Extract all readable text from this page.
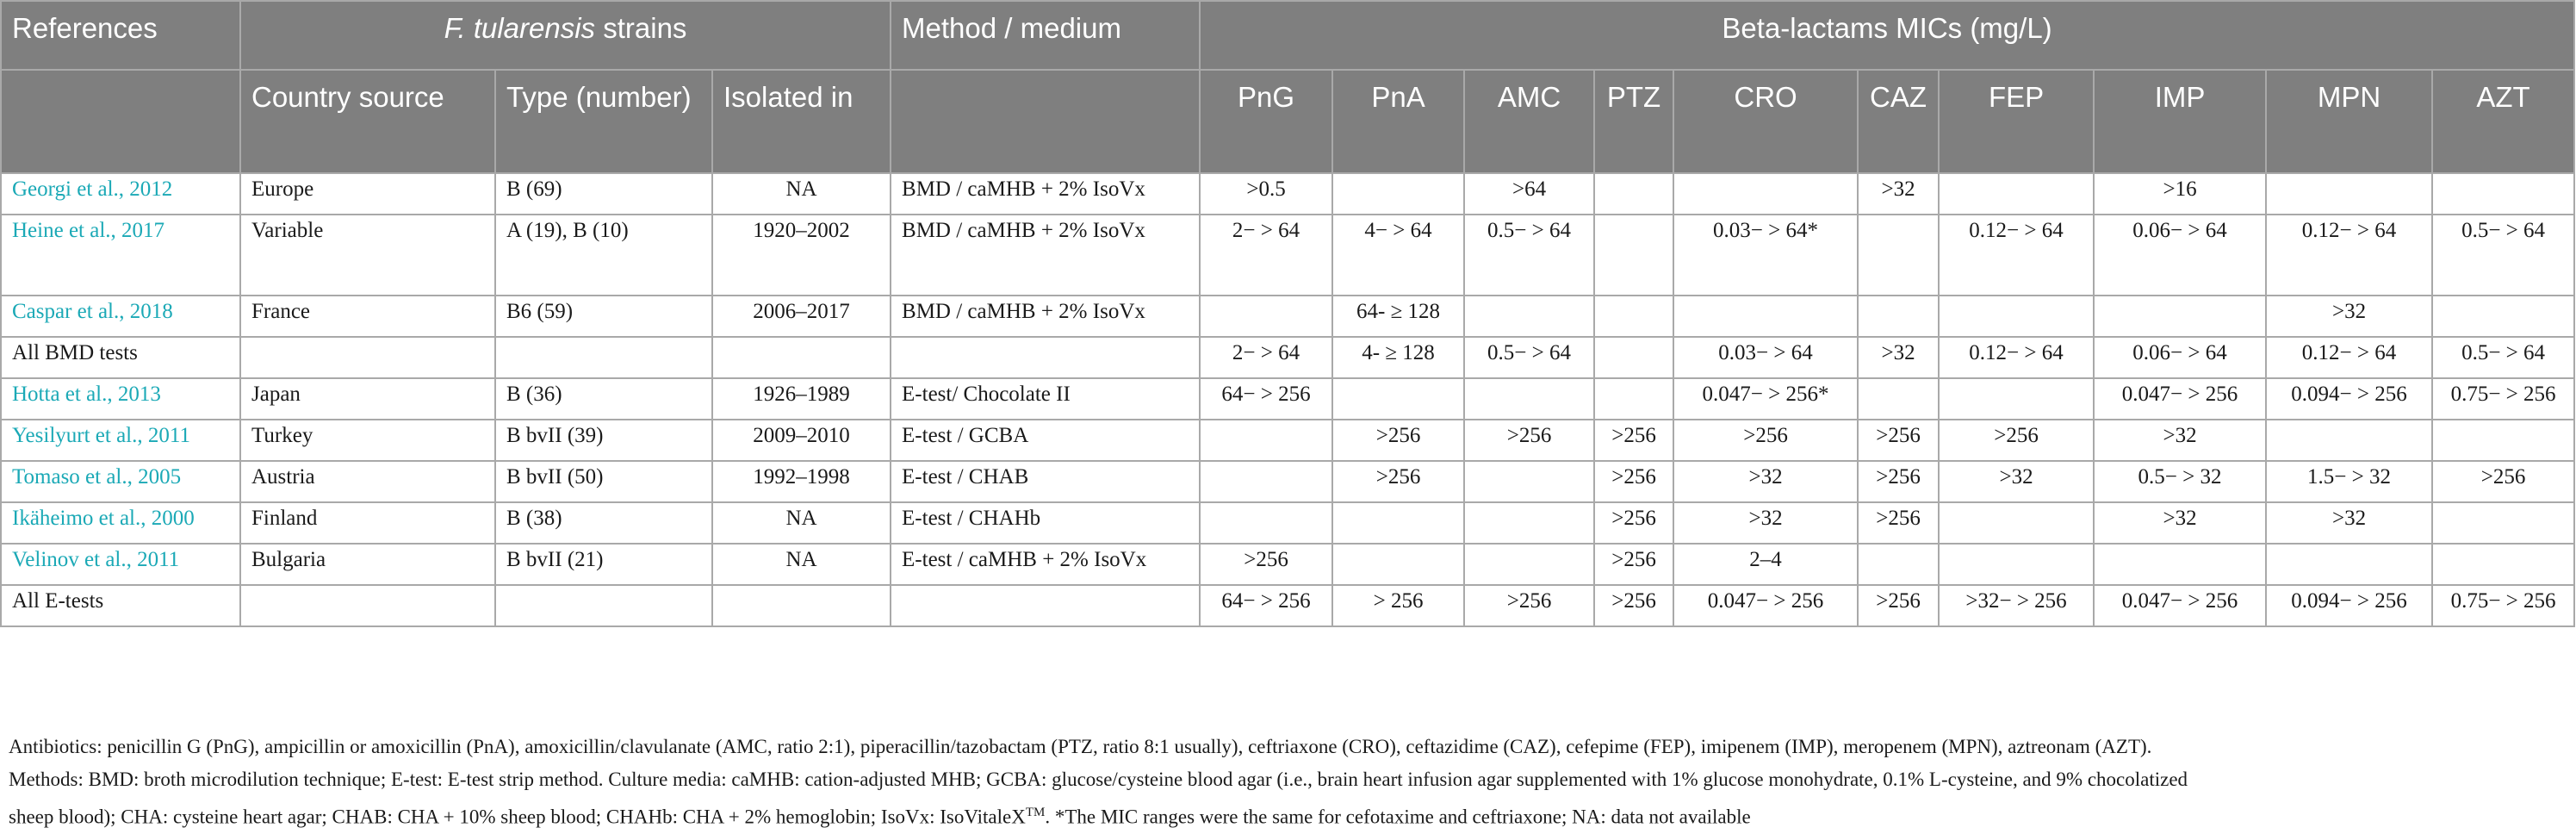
References	F. tularensis strains			Method / medium	Beta-lactams MICs (mg/L)									
	Country source	Type (number)	Isolated in		PnG	PnA	AMC	PTZ	CRO	CAZ	FEP	IMP	MPN	AZT
Georgi et al., 2012	Europe	B (69)	NA	BMD / caMHB + 2% IsoVx	>0.5		>64			>32		>16		
Heine et al., 2017	Variable	A (19), B (10)	1920–2002	BMD / caMHB + 2% IsoVx	2− > 64	4− > 64	0.5− > 64		0.03− > 64*		0.12− > 64	0.06− > 64	0.12− > 64	0.5− > 64
Caspar et al., 2018	France	B6 (59)	2006–2017	BMD / caMHB + 2% IsoVx		64- ≥ 128							>32	
All BMD tests					2− > 64	4- ≥ 128	0.5− > 64		0.03− > 64	>32	0.12− > 64	0.06− > 64	0.12− > 64	0.5− > 64
Hotta et al., 2013	Japan	B (36)	1926–1989	E-test/ Chocolate II	64− > 256				0.047− > 256*			0.047− > 256	0.094− > 256	0.75− > 256
Yesilyurt et al., 2011	Turkey	B bvII (39)	2009–2010	E-test / GCBA		>256	>256	>256	>256	>256	>256	>32		
Tomaso et al., 2005	Austria	B bvII (50)	1992–1998	E-test / CHAB		>256		>256	>32	>256	>32	0.5− > 32	1.5− > 32	>256
Ikäheimo et al., 2000	Finland	B (38)	NA	E-test / CHAHb				>256	>32	>256		>32	>32	
Velinov et al., 2011	Bulgaria	B bvII (21)	NA	E-test / caMHB + 2% IsoVx	>256			>256	2–4					
All E-tests					64− > 256	> 256	>256	>256	0.047− > 256	>256	>32− > 256	0.047− > 256	0.094− > 256	0.75− > 256

Antibiotics: penicillin G (PnG), ampicillin or amoxicillin (PnA), amoxicillin/clavulanate (AMC, ratio 2:1), piperacillin/tazobactam (PTZ, ratio 8:1 usually), ceftriaxone (CRO), ceftazidime (CAZ), cefepime (FEP), imipenem (IMP), meropenem (MPN), aztreonam (AZT).

Methods: BMD: broth microdilution technique; E-test: E-test strip method. Culture media: caMHB: cation-adjusted MHB; GCBA: glucose/cysteine blood agar (i.e., brain heart infusion agar supplemented with 1% glucose monohydrate, 0.1% L-cysteine, and 9% chocolatized

sheep blood); CHA: cysteine heart agar; CHAB: CHA + 10% sheep blood; CHAHb: CHA + 2% hemoglobin; IsoVx: IsoVitaleX™. *The MIC ranges were the same for cefotaxime and ceftriaxone; NA: data not available
